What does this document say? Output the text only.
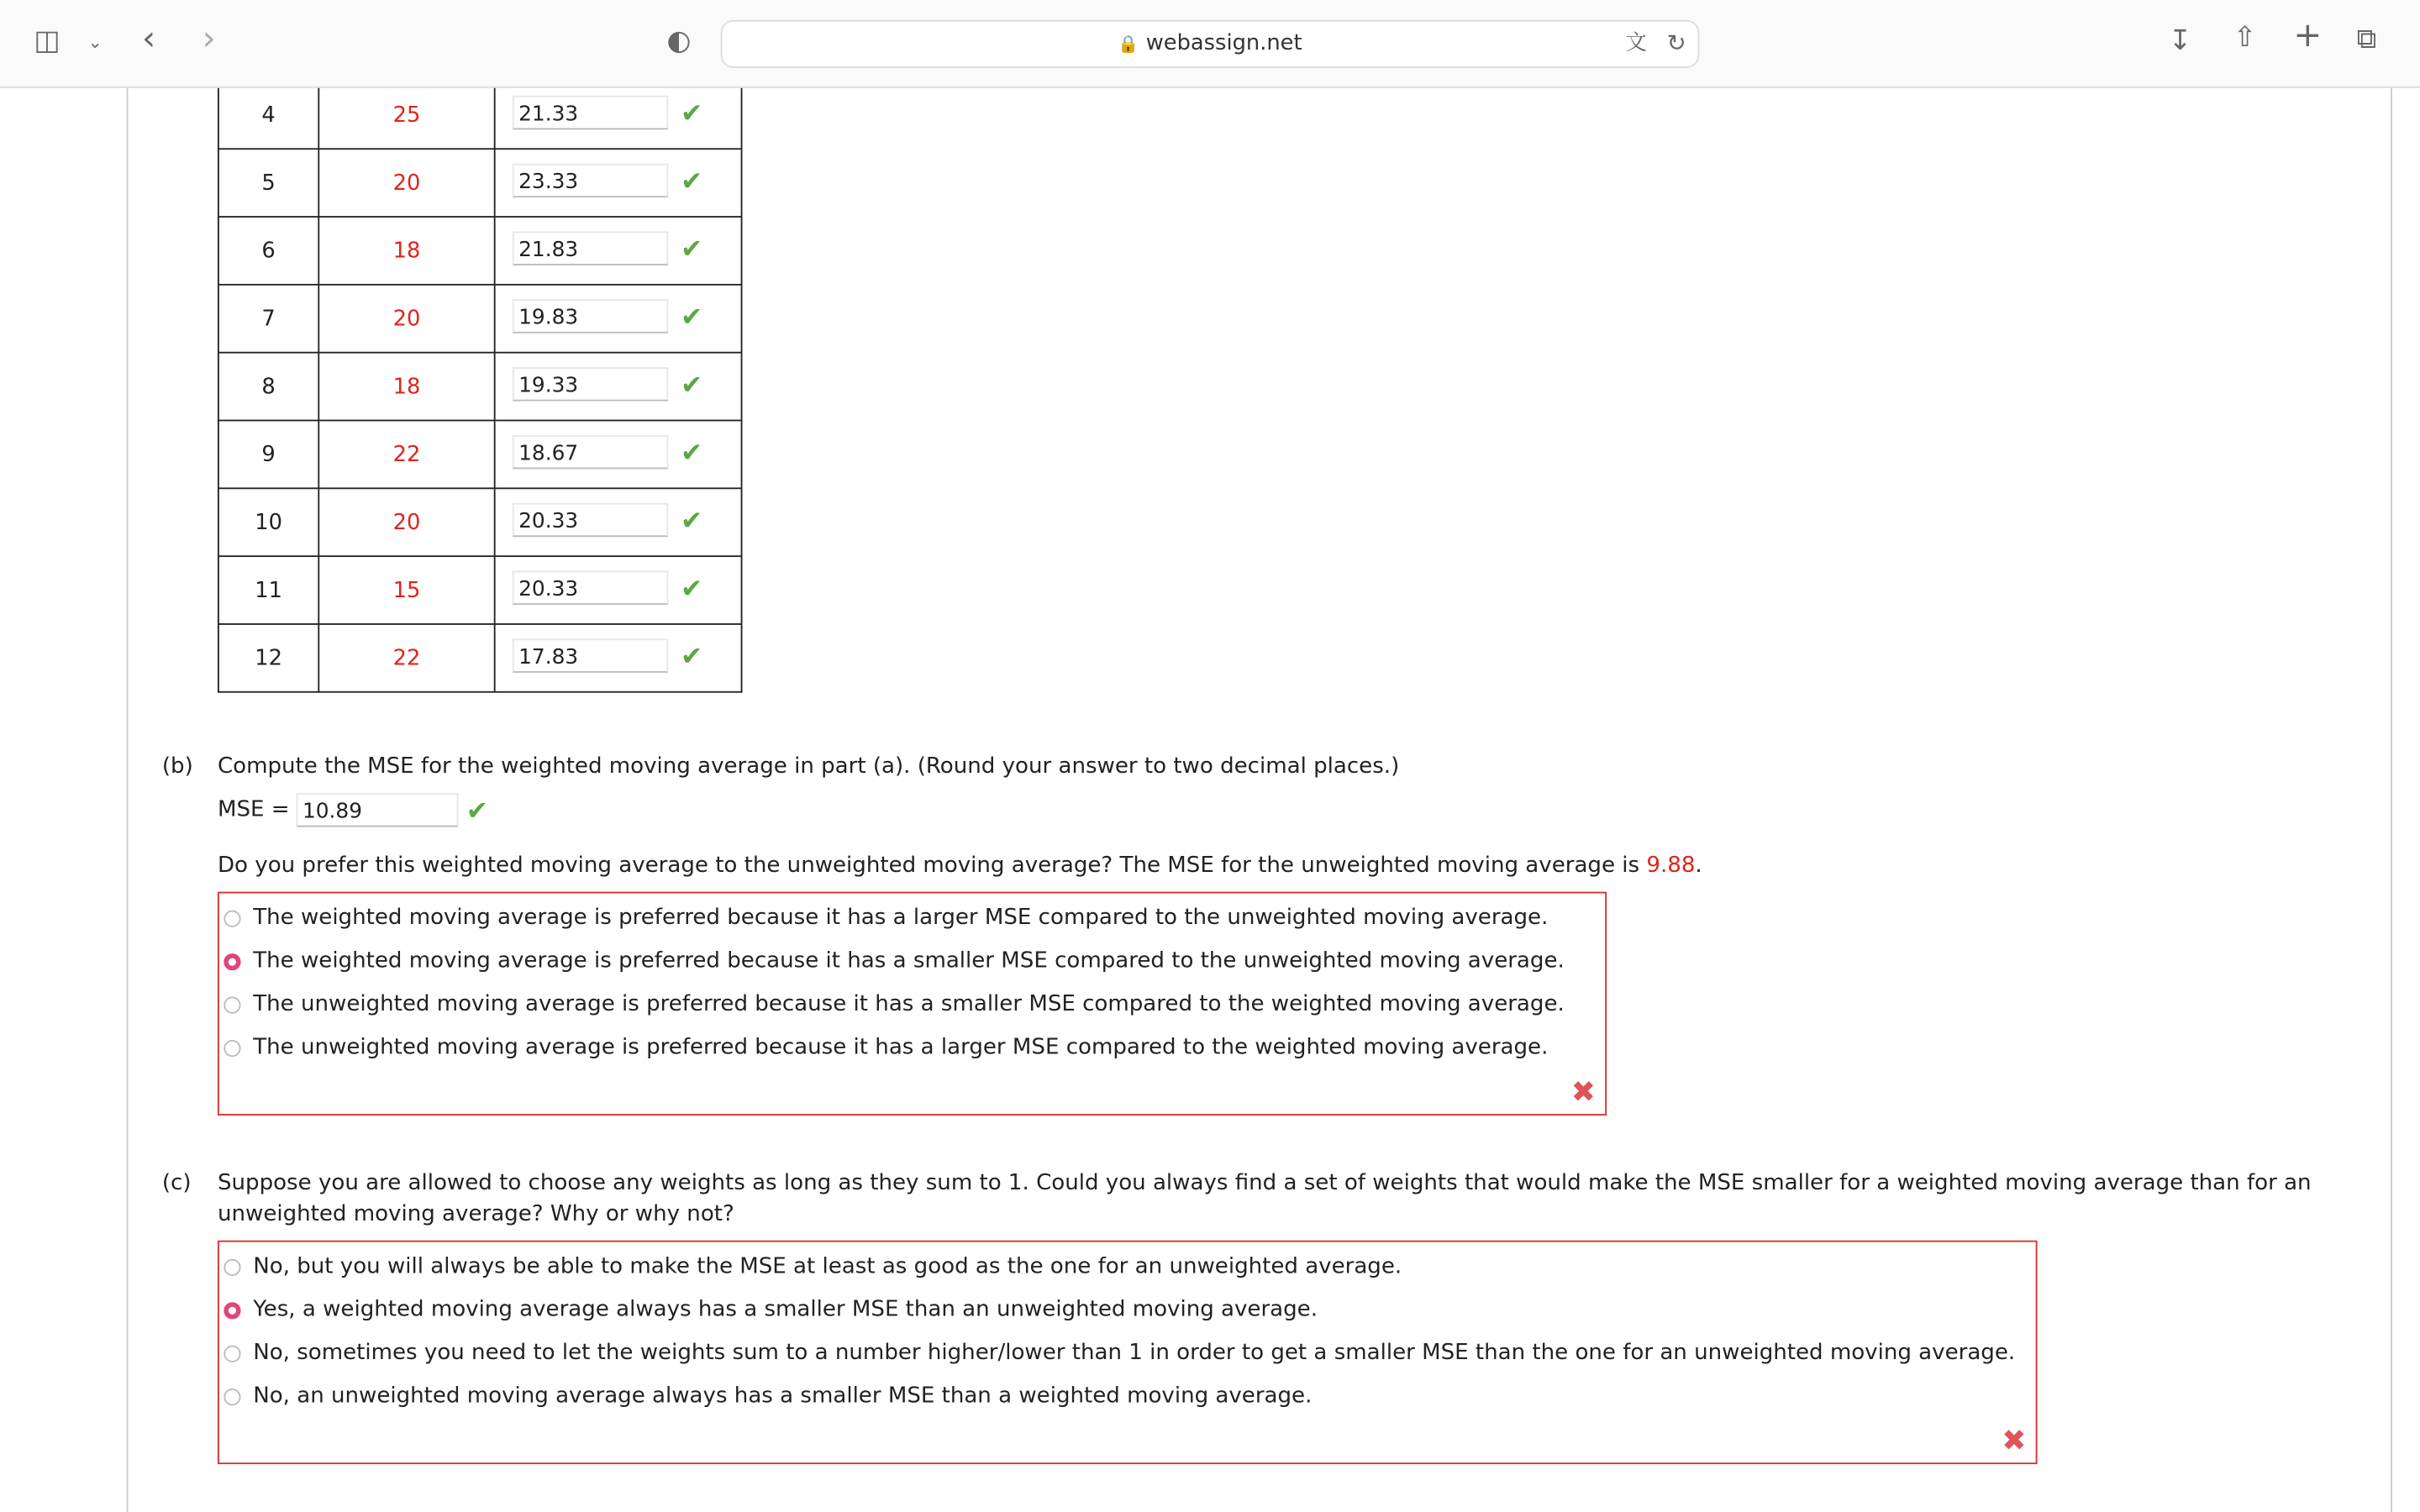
◫	⌄ ‹	›	◐	🔒 webassign.net	文 ↻	↧	⇧ + ⧉
4	25	21.33 ✔

5	20	23.33 ✔

6	18	21.83 ✔

7	20	19.83 ✔

8	18	19.33 ✔

9	22	18.67 ✔

10	20	20.33 ✔

11	15	20.33 ✔

12	22	17.83 ✔
(b) Compute the MSE for the weighted moving average in part (a). (Round your answer to two decimal places.)
MSE =	10.89	✔
Do you prefer this weighted moving average to the unweighted moving average? The MSE for the unweighted moving average is 9.88.
✖
The weighted moving average is preferred because it has a larger MSE compared to the unweighted moving average.
The weighted moving average is preferred because it has a smaller MSE compared to the unweighted moving average.
The unweighted moving average is preferred because it has a smaller MSE compared to the weighted moving average.
The unweighted moving average is preferred because it has a larger MSE compared to the weighted moving average.
(c) Suppose you are allowed to choose any weights as long as they sum to 1. Could you always find a set of weights that would make the MSE smaller for a weighted moving average than for an
unweighted moving average? Why or why not?
✖
No, but you will always be able to make the MSE at least as good as the one for an unweighted average.
Yes, a weighted moving average always has a smaller MSE than an unweighted moving average.
No, sometimes you need to let the weights sum to a number higher/lower than 1 in order to get a smaller MSE than the one for an unweighted moving average.
No, an unweighted moving average always has a smaller MSE than a weighted moving average.
